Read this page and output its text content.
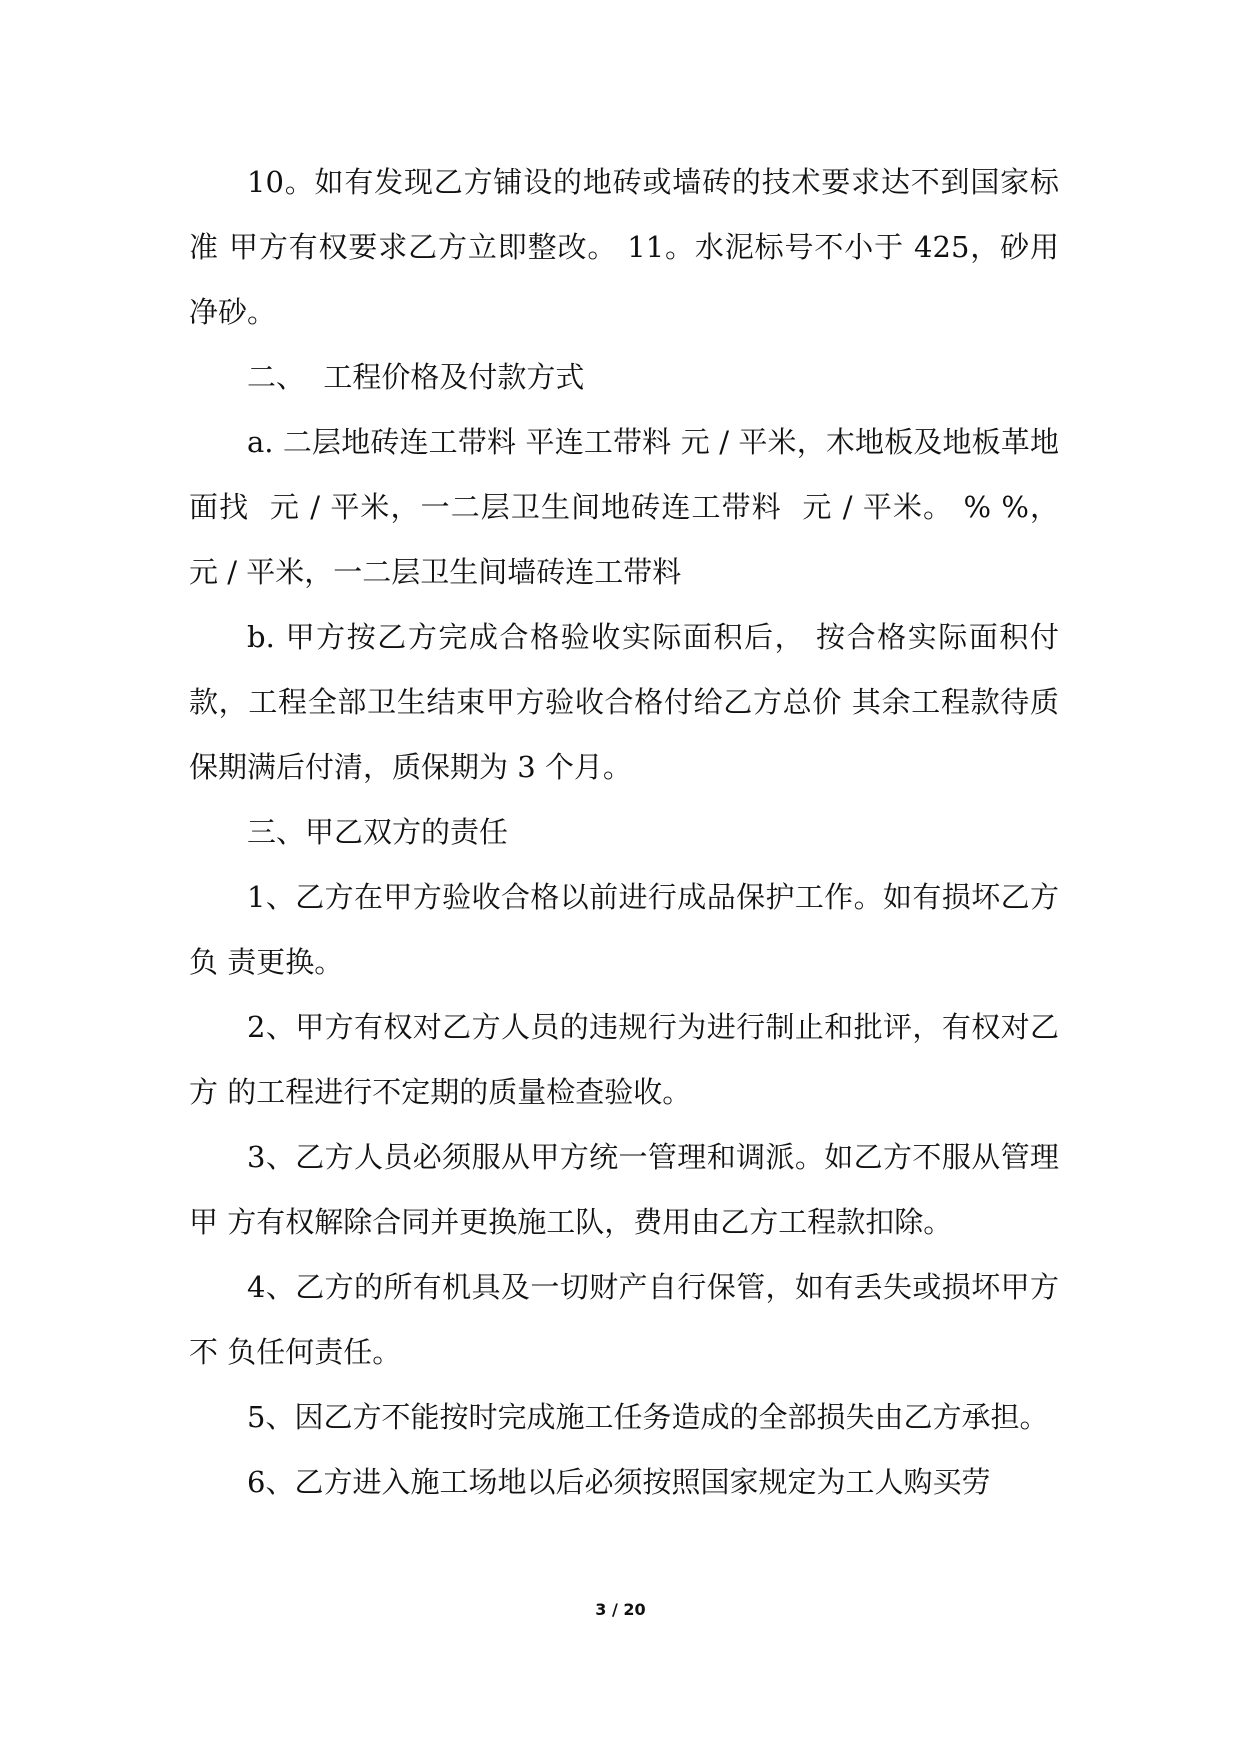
10。如有发现乙方铺设的地砖或墙砖的技术要求达不到国家标准 甲方有权要求乙方立即整改。 11。水泥标号不小于 425，砂用净砂。

二、  工程价格及付款方式

a. 二层地砖连工带料 平连工带料 元 / 平米，木地板及地板革地面找  元 / 平米，一二层卫生间地砖连工带料  元 / 平米。 % %，  元 / 平米，一二层卫生间墙砖连工带料

b. 甲方按乙方完成合格验收实际面积后， 按合格实际面积付款，工程全部卫生结束甲方验收合格付给乙方总价 其余工程款待质保期满后付清，质保期为 3 个月。

三、甲乙双方的责任

1、乙方在甲方验收合格以前进行成品保护工作。如有损坏乙方负 责更换。

2、甲方有权对乙方人员的违规行为进行制止和批评，有权对乙方 的工程进行不定期的质量检查验收。

3、乙方人员必须服从甲方统一管理和调派。如乙方不服从管理甲 方有权解除合同并更换施工队，费用由乙方工程款扣除。

4、乙方的所有机具及一切财产自行保管，如有丢失或损坏甲方不 负任何责任。

5、因乙方不能按时完成施工任务造成的全部损失由乙方承担。

6、乙方进入施工场地以后必须按照国家规定为工人购买劳

3 / 20
